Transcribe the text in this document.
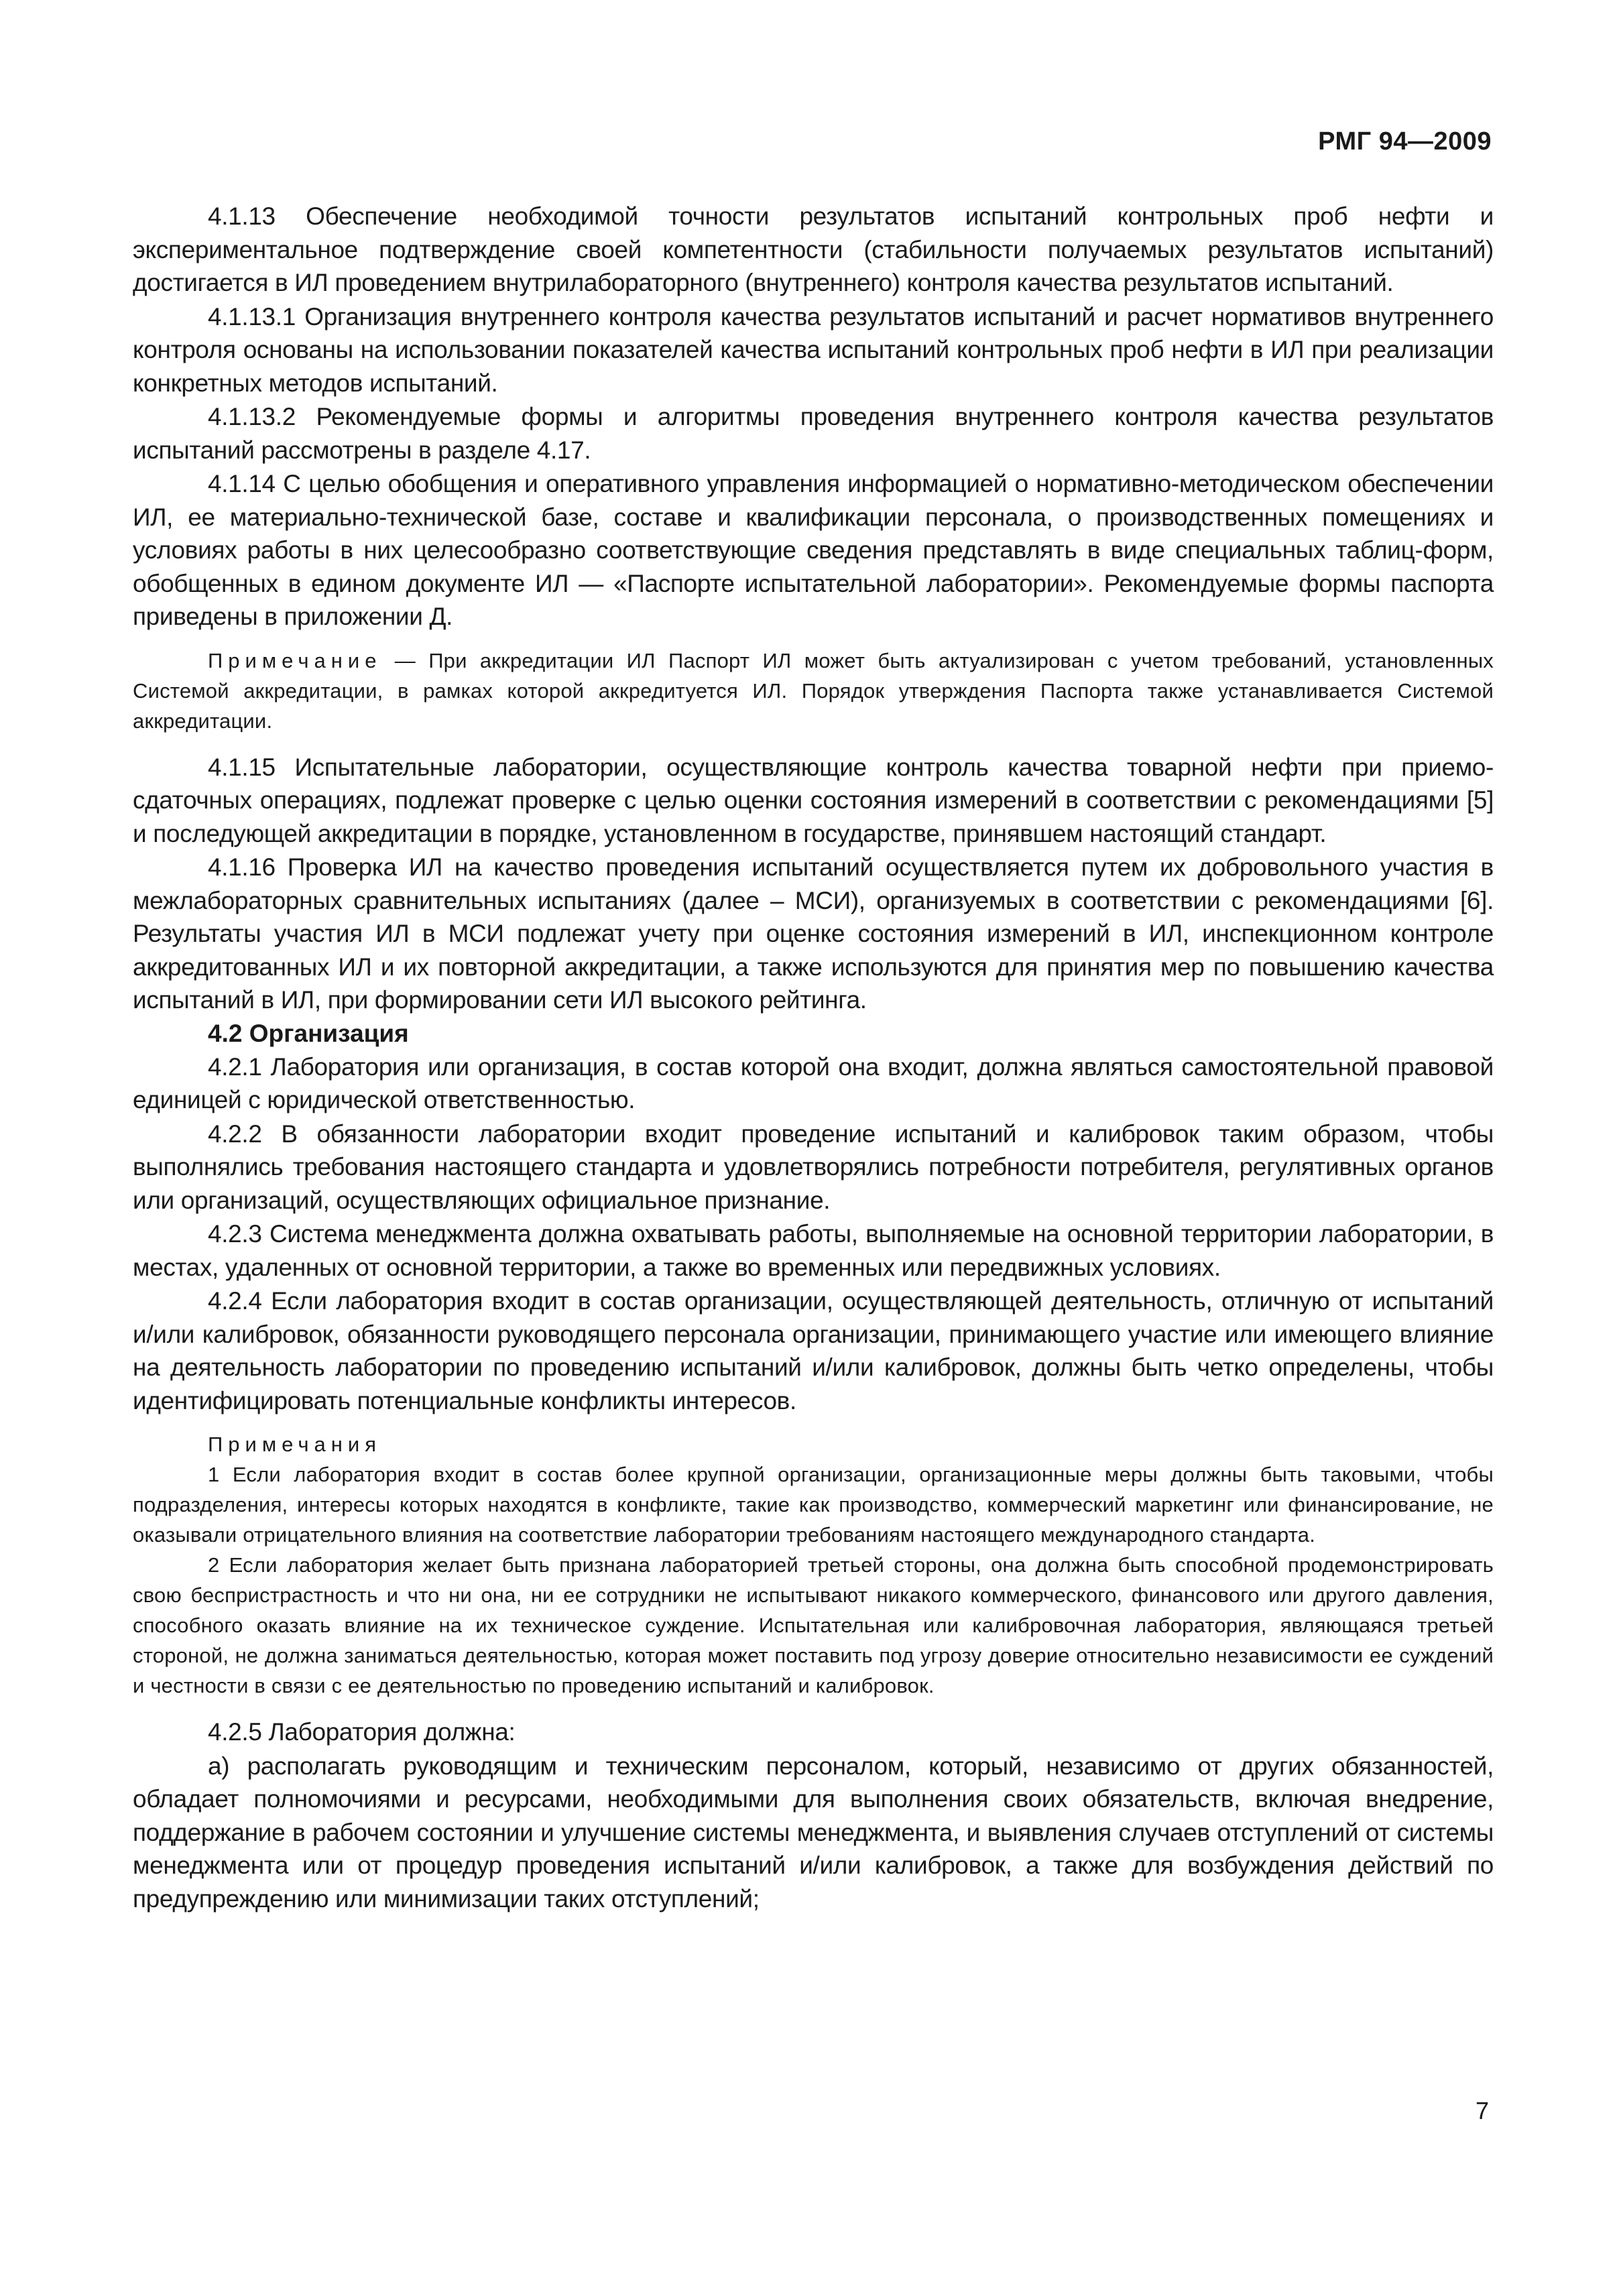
РМГ 94—2009

4.1.13 Обеспечение необходимой точности результатов испытаний контрольных проб нефти и экспериментальное подтверждение своей компетентности (стабильности получаемых результатов испытаний) достигается в ИЛ проведением внутрилабораторного (внутреннего) контроля качества результатов испытаний.

4.1.13.1 Организация внутреннего контроля качества результатов испытаний и расчет нормативов внутреннего контроля основаны на использовании показателей качества испытаний контрольных проб нефти в ИЛ при реализации конкретных методов испытаний.

4.1.13.2 Рекомендуемые формы и алгоритмы проведения внутреннего контроля качества результатов испытаний рассмотрены в разделе 4.17.

4.1.14 С целью обобщения и оперативного управления информацией о нормативно-методическом обеспечении ИЛ, ее материально-технической базе, составе и квалификации персонала, о производственных помещениях и условиях работы в них целесообразно соответствующие сведения представлять в виде специальных таблиц-форм, обобщенных в едином документе ИЛ — «Паспорте испытательной лаборатории». Рекомендуемые формы паспорта приведены в приложении Д.

Примечание — При аккредитации ИЛ Паспорт ИЛ может быть актуализирован с учетом требований, установленных Системой аккредитации, в рамках которой аккредитуется ИЛ. Порядок утверждения Паспорта также устанавливается Системой аккредитации.

4.1.15 Испытательные лаборатории, осуществляющие контроль качества товарной нефти при приемо-сдаточных операциях, подлежат проверке с целью оценки состояния измерений в соответствии с рекомендациями [5] и последующей аккредитации в порядке, установленном в государстве, принявшем настоящий стандарт.

4.1.16 Проверка ИЛ на качество проведения испытаний осуществляется путем их добровольного участия в межлабораторных сравнительных испытаниях (далее – МСИ), организуемых в соответствии с рекомендациями [6]. Результаты участия ИЛ в МСИ подлежат учету при оценке состояния измерений в ИЛ, инспекционном контроле аккредитованных ИЛ и их повторной аккредитации, а также используются для принятия мер по повышению качества испытаний в ИЛ, при формировании сети ИЛ высокого рейтинга.

4.2 Организация

4.2.1 Лаборатория или организация, в состав которой она входит, должна являться самостоятельной правовой единицей с юридической ответственностью.

4.2.2 В обязанности лаборатории входит проведение испытаний и калибровок таким образом, чтобы выполнялись требования настоящего стандарта и удовлетворялись потребности потребителя, регулятивных органов или организаций, осуществляющих официальное признание.

4.2.3 Система менеджмента должна охватывать работы, выполняемые на основной территории лаборатории, в местах, удаленных от основной территории, а также во временных или передвижных условиях.

4.2.4 Если лаборатория входит в состав организации, осуществляющей деятельность, отличную от испытаний и/или калибровок, обязанности руководящего персонала организации, принимающего участие или имеющего влияние на деятельность лаборатории по проведению испытаний и/или калибровок, должны быть четко определены, чтобы идентифицировать потенциальные конфликты интересов.

Примечания

1 Если лаборатория входит в состав более крупной организации, организационные меры должны быть таковыми, чтобы подразделения, интересы которых находятся в конфликте, такие как производство, коммерческий маркетинг или финансирование, не оказывали отрицательного влияния на соответствие лаборатории требованиям настоящего международного стандарта.

2 Если лаборатория желает быть признана лабораторией третьей стороны, она должна быть способной продемонстрировать свою беспристрастность и что ни она, ни ее сотрудники не испытывают никакого коммерческого, финансового или другого давления, способного оказать влияние на их техническое суждение. Испытательная или калибровочная лаборатория, являющаяся третьей стороной, не должна заниматься деятельностью, которая может поставить под угрозу доверие относительно независимости ее суждений и честности в связи с ее деятельностью по проведению испытаний и калибровок.

4.2.5 Лаборатория должна:

а) располагать руководящим и техническим персоналом, который, независимо от других обязанностей, обладает полномочиями и ресурсами, необходимыми для выполнения своих обязательств, включая внедрение, поддержание в рабочем состоянии и улучшение системы менеджмента, и выявления случаев отступлений от системы менеджмента или от процедур проведения испытаний и/или калибровок, а также для возбуждения действий по предупреждению или минимизации таких отступлений;

7
